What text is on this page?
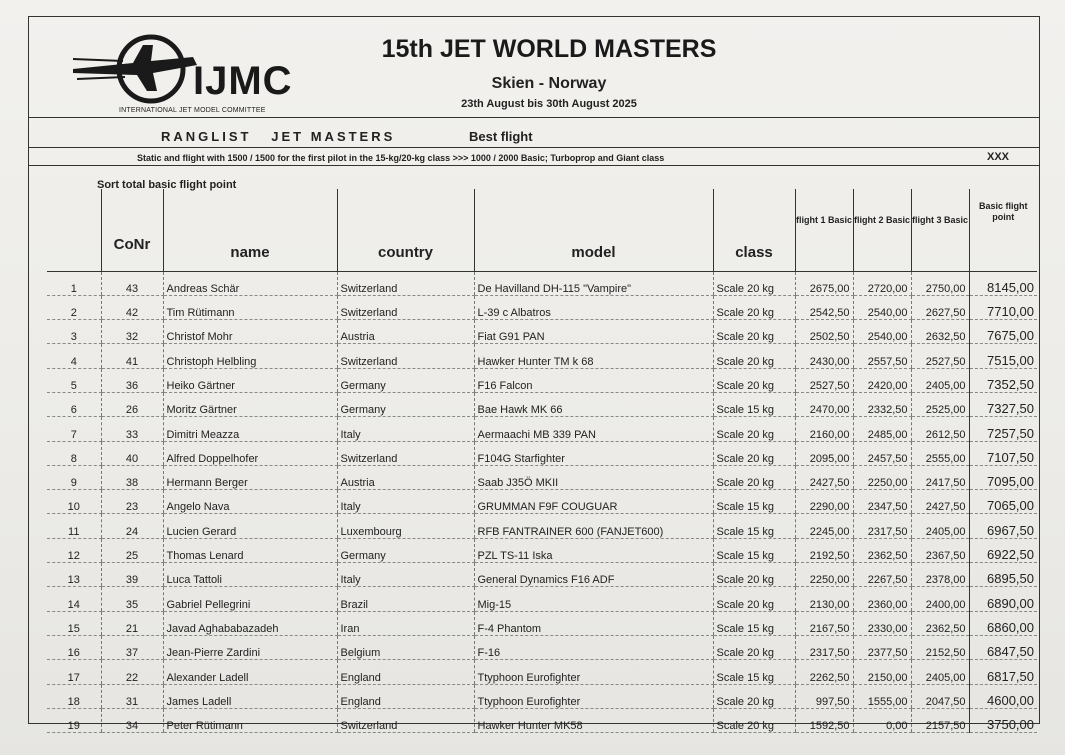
IJMC
INTERNATIONAL JET MODEL COMMITTEE
15th JET WORLD MASTERS
Skien - Norway
23th August bis 30th August 2025
RANGLIST   JET MASTERS	Best flight
Static and flight with 1500 / 1500 for the first pilot in the 15-kg/20-kg class >>> 1000 / 2000 Basic; Turboprop and Giant class	XXX
Sort total basic flight point
	CoNr	name	country	model	class	flight 1 Basic	flight 2 Basic	flight 3 Basic	Basic flight point
1	43	Andreas Schär	Switzerland	De Havilland DH-115 "Vampire"	Scale 20 kg	2675,00	2720,00	2750,00	8145,00
2	42	Tim Rütimann	Switzerland	L-39 c Albatros	Scale 20 kg	2542,50	2540,00	2627,50	7710,00
3	32	Christof Mohr	Austria	Fiat G91 PAN	Scale 20 kg	2502,50	2540,00	2632,50	7675,00
4	41	Christoph Helbling	Switzerland	Hawker Hunter TM k 68	Scale 20 kg	2430,00	2557,50	2527,50	7515,00
5	36	Heiko Gärtner	Germany	F16 Falcon	Scale 20 kg	2527,50	2420,00	2405,00	7352,50
6	26	Moritz Gärtner	Germany	Bae Hawk MK 66	Scale 15 kg	2470,00	2332,50	2525,00	7327,50
7	33	Dimitri Meazza	Italy	Aermaachi MB 339 PAN	Scale 20 kg	2160,00	2485,00	2612,50	7257,50
8	40	Alfred Doppelhofer	Switzerland	F104G Starfighter	Scale 20 kg	2095,00	2457,50	2555,00	7107,50
9	38	Hermann Berger	Austria	Saab J35Ö MKII	Scale 20 kg	2427,50	2250,00	2417,50	7095,00
10	23	Angelo Nava	Italy	GRUMMAN F9F COUGUAR	Scale 15 kg	2290,00	2347,50	2427,50	7065,00
11	24	Lucien Gerard	Luxembourg	RFB FANTRAINER 600 (FANJET600)	Scale 15 kg	2245,00	2317,50	2405,00	6967,50
12	25	Thomas Lenard	Germany	PZL TS-11 Iska	Scale 15 kg	2192,50	2362,50	2367,50	6922,50
13	39	Luca Tattoli	Italy	General Dynamics F16 ADF	Scale 20 kg	2250,00	2267,50	2378,00	6895,50
14	35	Gabriel Pellegrini	Brazil	Mig-15	Scale 20 kg	2130,00	2360,00	2400,00	6890,00
15	21	Javad Aghababazadeh	Iran	F-4 Phantom	Scale 15 kg	2167,50	2330,00	2362,50	6860,00
16	37	Jean-Pierre Zardini	Belgium	F-16	Scale 20 kg	2317,50	2377,50	2152,50	6847,50
17	22	Alexander Ladell	England	Ttyphoon Eurofighter	Scale 15 kg	2262,50	2150,00	2405,00	6817,50
18	31	James Ladell	England	Ttyphoon Eurofighter	Scale 20 kg	997,50	1555,00	2047,50	4600,00
19	34	Peter Rütimann	Switzerland	Hawker Hunter MK58	Scale 20 kg	1592,50	0,00	2157,50	3750,00
